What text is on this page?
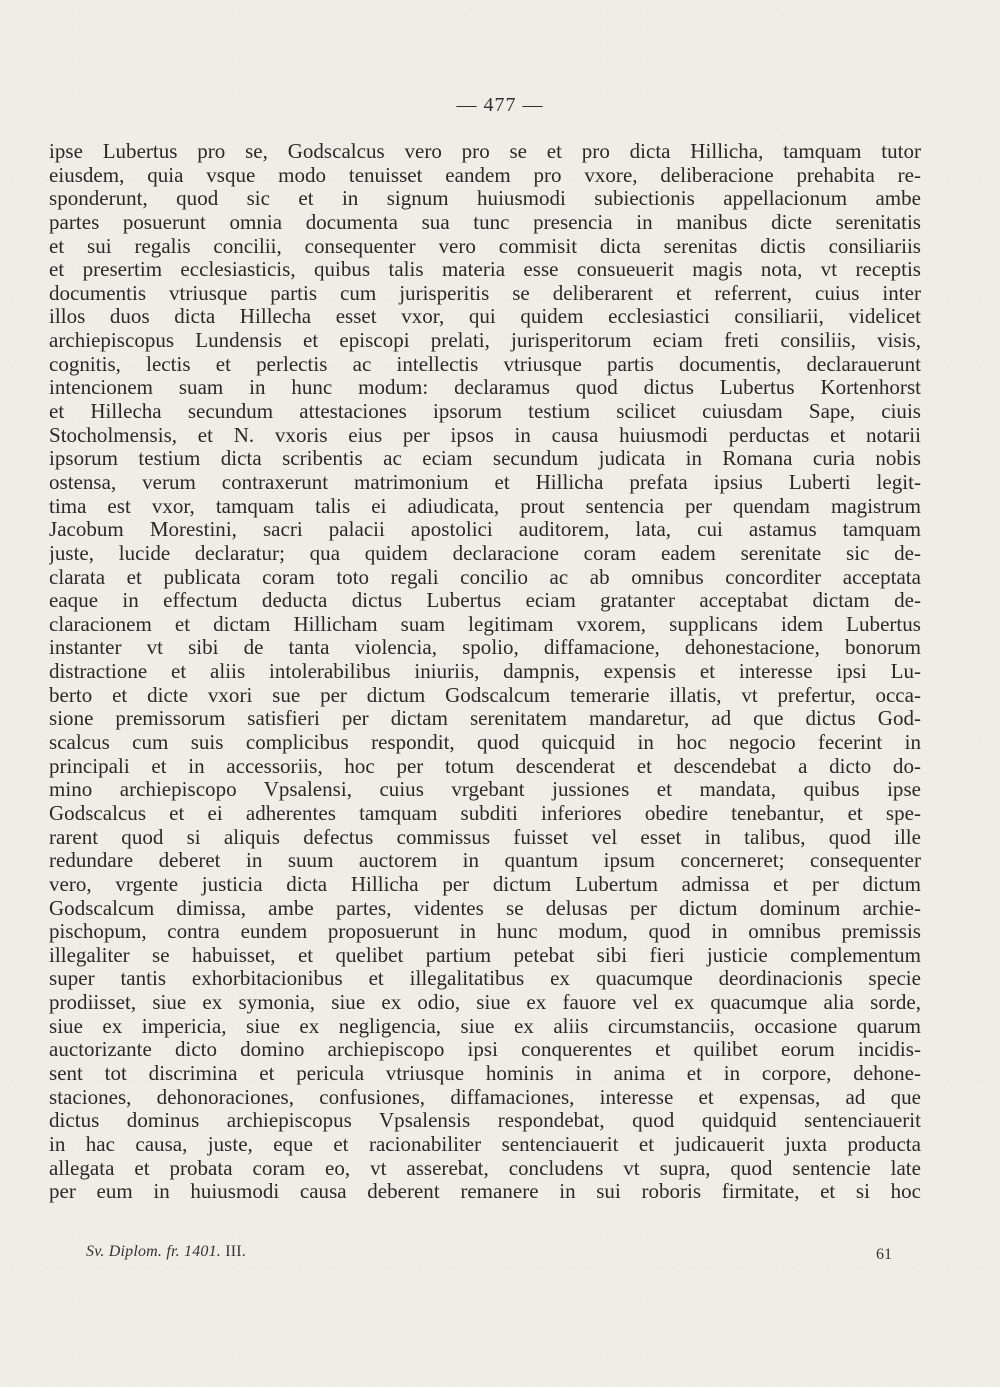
— 477 —
ipse Lubertus pro se, Godscalcus vero pro se et pro dicta Hillicha, tamquam tutor
eiusdem, quia vsque modo tenuisset eandem pro vxore, deliberacione prehabita re-
sponderunt, quod sic et in signum huiusmodi subiectionis appellacionum ambe
partes posuerunt omnia documenta sua tunc presencia in manibus dicte serenitatis
et sui regalis concilii, consequenter vero commisit dicta serenitas dictis consiliariis
et presertim ecclesiasticis, quibus talis materia esse consueuerit magis nota, vt receptis
documentis vtriusque partis cum jurisperitis se deliberarent et referrent, cuius inter
illos duos dicta Hillecha esset vxor, qui quidem ecclesiastici consiliarii, videlicet
archiepiscopus Lundensis et episcopi prelati, jurisperitorum eciam freti consiliis, visis,
cognitis, lectis et perlectis ac intellectis vtriusque partis documentis, declarauerunt
intencionem suam in hunc modum: declaramus quod dictus Lubertus Kortenhorst
et Hillecha secundum attestaciones ipsorum testium scilicet cuiusdam Sape, ciuis
Stocholmensis, et N. vxoris eius per ipsos in causa huiusmodi perductas et notarii
ipsorum testium dicta scribentis ac eciam secundum judicata in Romana curia nobis
ostensa, verum contraxerunt matrimonium et Hillicha prefata ipsius Luberti legit-
tima est vxor, tamquam talis ei adiudicata, prout sentencia per quendam magistrum
Jacobum Morestini, sacri palacii apostolici auditorem, lata, cui astamus tamquam
juste, lucide declaratur; qua quidem declaracione coram eadem serenitate sic de-
clarata et publicata coram toto regali concilio ac ab omnibus concorditer acceptata
eaque in effectum deducta dictus Lubertus eciam gratanter acceptabat dictam de-
claracionem et dictam Hillicham suam legitimam vxorem, supplicans idem Lubertus
instanter vt sibi de tanta violencia, spolio, diffamacione, dehonestacione, bonorum
distractione et aliis intolerabilibus iniuriis, dampnis, expensis et interesse ipsi Lu-
berto et dicte vxori sue per dictum Godscalcum temerarie illatis, vt prefertur, occa-
sione premissorum satisfieri per dictam serenitatem mandaretur, ad que dictus God-
scalcus cum suis complicibus respondit, quod quicquid in hoc negocio fecerint in
principali et in accessoriis, hoc per totum descenderat et descendebat a dicto do-
mino archiepiscopo Vpsalensi, cuius vrgebant jussiones et mandata, quibus ipse
Godscalcus et ei adherentes tamquam subditi inferiores obedire tenebantur, et spe-
rarent quod si aliquis defectus commissus fuisset vel esset in talibus, quod ille
redundare deberet in suum auctorem in quantum ipsum concerneret; consequenter
vero, vrgente justicia dicta Hillicha per dictum Lubertum admissa et per dictum
Godscalcum dimissa, ambe partes, videntes se delusas per dictum dominum archie-
pischopum, contra eundem proposuerunt in hunc modum, quod in omnibus premissis
illegaliter se habuisset, et quelibet partium petebat sibi fieri justicie complementum
super tantis exhorbitacionibus et illegalitatibus ex quacumque deordinacionis specie
prodiisset, siue ex symonia, siue ex odio, siue ex fauore vel ex quacumque alia sorde,
siue ex impericia, siue ex negligencia, siue ex aliis circumstanciis, occasione quarum
auctorizante dicto domino archiepiscopo ipsi conquerentes et quilibet eorum incidis-
sent tot discrimina et pericula vtriusque hominis in anima et in corpore, dehone-
staciones, dehonoraciones, confusiones, diffamaciones, interesse et expensas, ad que
dictus dominus archiepiscopus Vpsalensis respondebat, quod quidquid sentenciauerit
in hac causa, juste, eque et racionabiliter sentenciauerit et judicauerit juxta producta
allegata et probata coram eo, vt asserebat, concludens vt supra, quod sentencie late
per eum in huiusmodi causa deberent remanere in sui roboris firmitate, et si hoc
Sv. Diplom. fr. 1401. III.	61
